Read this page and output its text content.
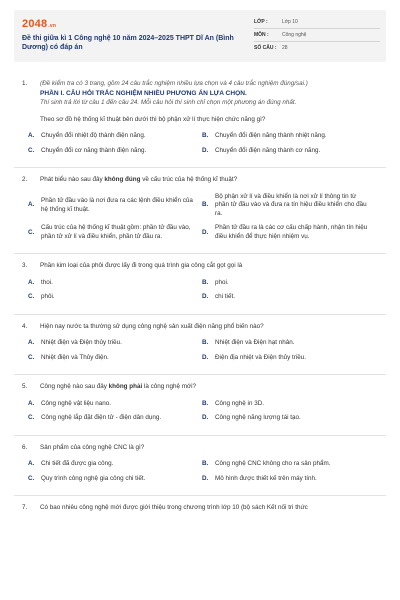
2048.vn
Đề thi giữa kì 1 Công nghệ 10 năm 2024–2025 THPT Dĩ An (Bình Dương) có đáp án
LỚP :	Lớp 10
MÔN :	Công nghệ
SỐ CÂU :	28
1. (Đề kiểm tra có 3 trang, gồm 24 câu trắc nghiệm nhiều lựa chọn và 4 câu trắc nghiệm đúng/sai.)
PHẦN I. CÂU HỎI TRẮC NGHIỆM NHIỀU PHƯƠNG ÁN LỰA CHỌN.
Thí sinh trả lời từ câu 1 đến câu 24. Mỗi câu hỏi thí sinh chỉ chọn một phương án đúng nhất.
Theo sơ đồ hệ thống kĩ thuật bên dưới thì bộ phận xử lí thực hiện chức năng gì?
A.	Chuyển đổi nhiệt độ thành điện năng.	B.	Chuyển đổi điện năng thành nhiệt năng.
C.	Chuyển đổi cơ năng thành điện năng.	D.	Chuyển đổi điện năng thành cơ năng.
2. Phát biểu nào sau đây không đúng về cấu trúc của hệ thống kĩ thuật?
A.
Phần tử đầu vào là nơi đưa ra các lệnh điều khiển của hệ thống kĩ thuật.
B.
Bộ phận xử lí và điều khiển là nơi xử lí thông tin từ phần tử đầu vào và đưa ra tín hiệu điều khiển cho đầu ra.
C.
Cấu trúc của hệ thống kĩ thuật gồm: phần tử đầu vào, phần tử xử lí và điều khiển, phần tử đầu ra.
D.
Phần tử đầu ra là các cơ cấu chấp hành, nhận tín hiệu điều khiển để thực hiện nhiệm vụ.
3. Phần kim loại của phôi được lấy đi trong quá trình gia công cắt gọt gọi là
A.	thoi.	B.	phoi.
C.	phôi.	D.	chi tiết.
4. Hiện nay nước ta thường sử dụng công nghệ sản xuất điện năng phổ biến nào?
A.	Nhiệt điện và Điện thủy triều.	B.	Nhiệt điện và Điện hạt nhân.
C.	Nhiệt điện và Thủy điện.	D.	Điện địa nhiệt và Điện thủy triều.
5. Công nghệ nào sau đây không phải là công nghệ mới?
A.	Công nghệ vật liệu nano.	B.	Công nghệ in 3D.
C.	Công nghệ lắp đặt điện tử - điện dân dụng.	D.	Công nghệ năng lượng tái tạo.
6. Sản phẩm của công nghệ CNC là gì?
A.	Chi tiết đã được gia công.	B.	Công nghệ CNC không cho ra sản phẩm.
C.	Quy trình công nghệ gia công chi tiết.	D.	Mô hình được thiết kế trên máy tính.
7. Có bao nhiêu công nghệ mới được giới thiệu trong chương trình lớp 10 (bộ sách Kết nối tri thức
